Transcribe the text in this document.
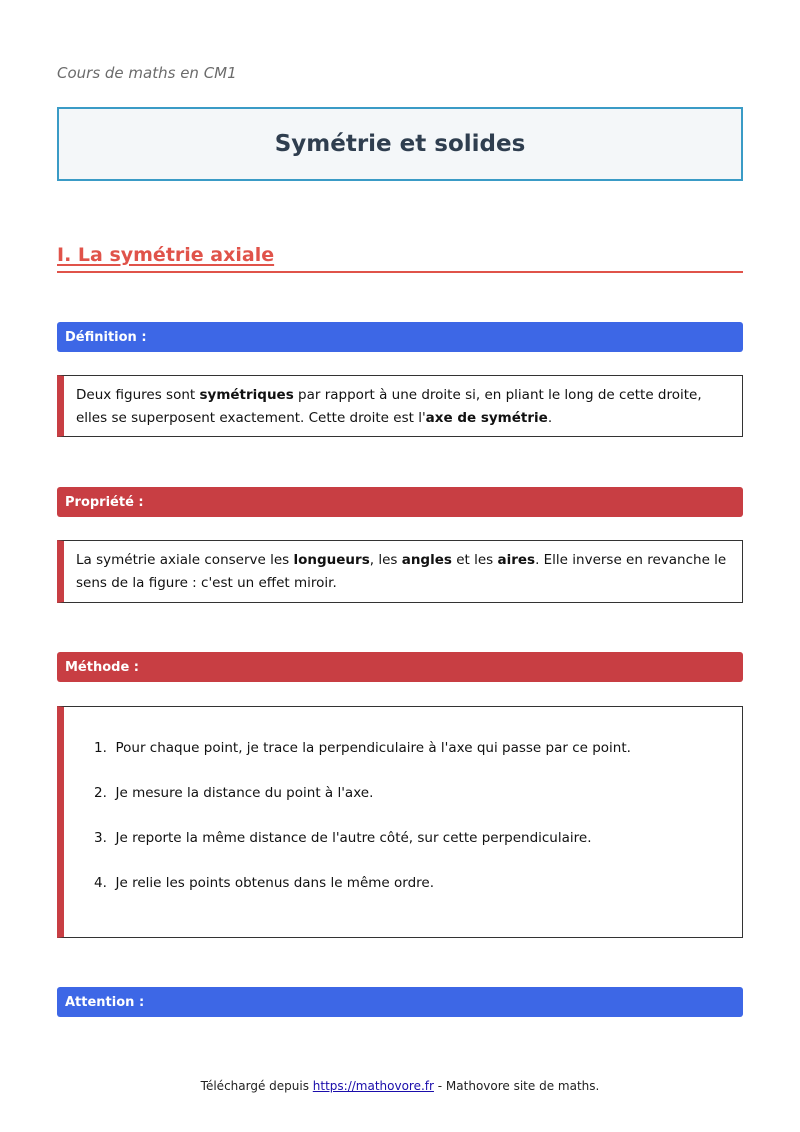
Cours de maths en CM1
Symétrie et solides
I. La symétrie axiale
Définition :
Deux figures sont symétriques par rapport à une droite si, en pliant le long de cette droite, elles se superposent exactement. Cette droite est l'axe de symétrie.
Propriété :
La symétrie axiale conserve les longueurs, les angles et les aires. Elle inverse en revanche le sens de la figure : c'est un effet miroir.
Méthode :
1. Pour chaque point, je trace la perpendiculaire à l'axe qui passe par ce point.
2. Je mesure la distance du point à l'axe.
3. Je reporte la même distance de l'autre côté, sur cette perpendiculaire.
4. Je relie les points obtenus dans le même ordre.
Attention :
Téléchargé depuis https://mathovore.fr - Mathovore site de maths.
